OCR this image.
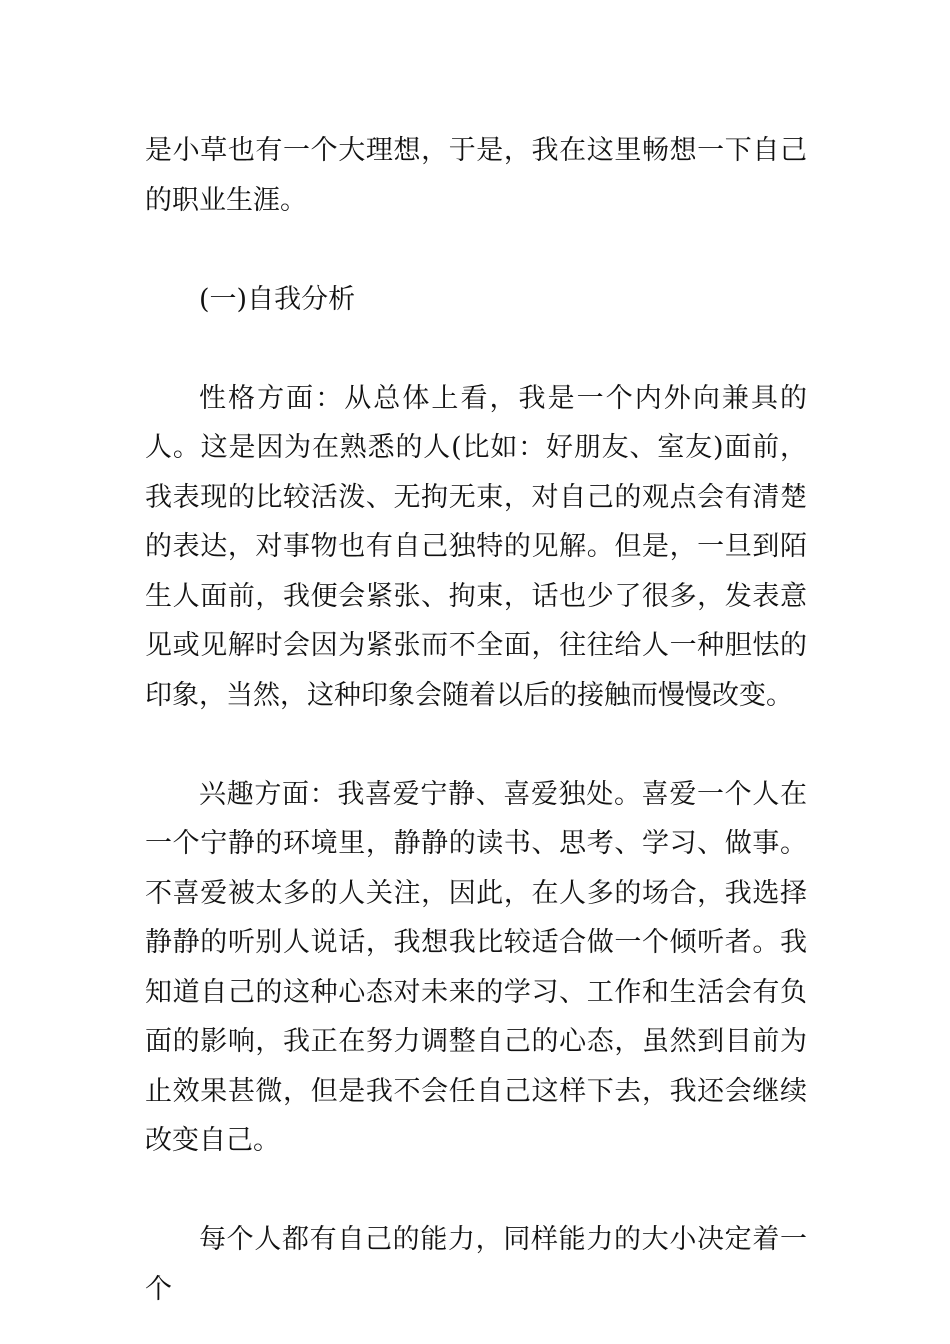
是小草也有一个大理想，于是，我在这里畅想一下自己的职业生涯。

(一)自我分析

性格方面：从总体上看，我是一个内外向兼具的人。这是因为在熟悉的人(比如：好朋友、室友)面前，我表现的比较活泼、无拘无束，对自己的观点会有清楚的表达，对事物也有自己独特的见解。但是，一旦到陌生人面前，我便会紧张、拘束，话也少了很多，发表意见或见解时会因为紧张而不全面，往往给人一种胆怯的印象，当然，这种印象会随着以后的接触而慢慢改变。

兴趣方面：我喜爱宁静、喜爱独处。喜爱一个人在一个宁静的环境里，静静的读书、思考、学习、做事。不喜爱被太多的人关注，因此，在人多的场合，我选择静静的听别人说话，我想我比较适合做一个倾听者。我知道自己的这种心态对未来的学习、工作和生活会有负面的影响，我正在努力调整自己的心态，虽然到目前为止效果甚微，但是我不会任自己这样下去，我还会继续改变自己。

每个人都有自己的能力，同样能力的大小决定着一个
